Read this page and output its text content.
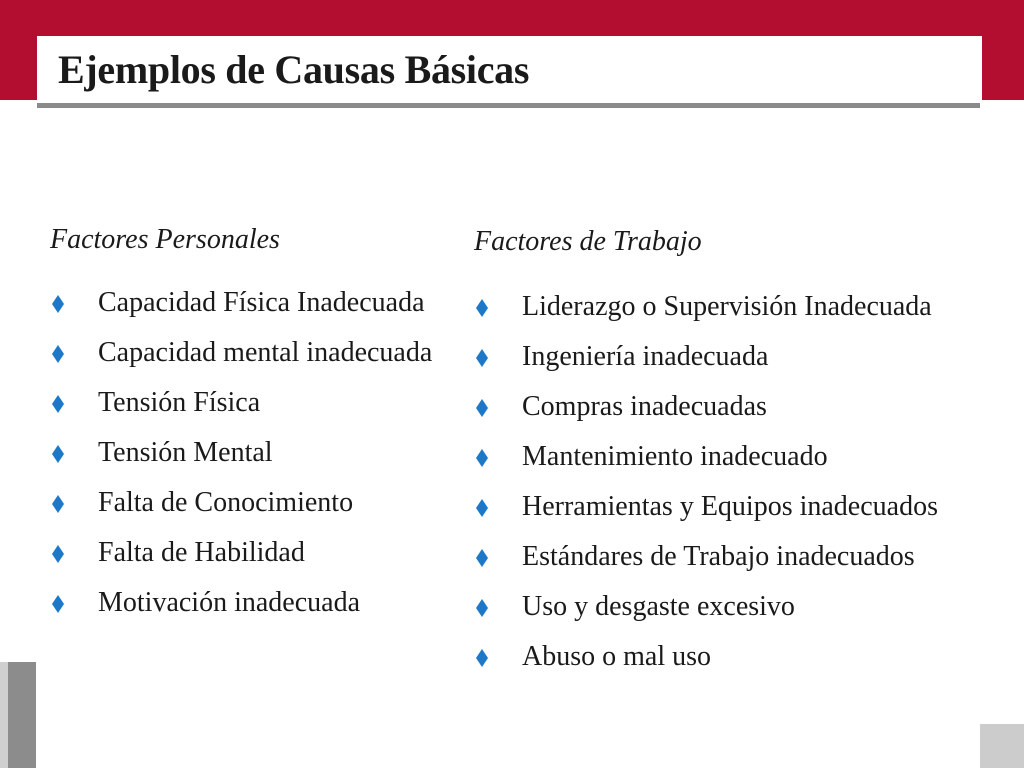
Ejemplos de Causas Básicas
Factores Personales
Capacidad Física Inadecuada
Capacidad mental inadecuada
Tensión Física
Tensión Mental
Falta de Conocimiento
Falta de Habilidad
Motivación inadecuada
Factores de Trabajo
Liderazgo o Supervisión Inadecuada
Ingeniería inadecuada
Compras inadecuadas
Mantenimiento inadecuado
Herramientas y Equipos inadecuados
Estándares de Trabajo inadecuados
Uso y desgaste excesivo
Abuso o mal uso
